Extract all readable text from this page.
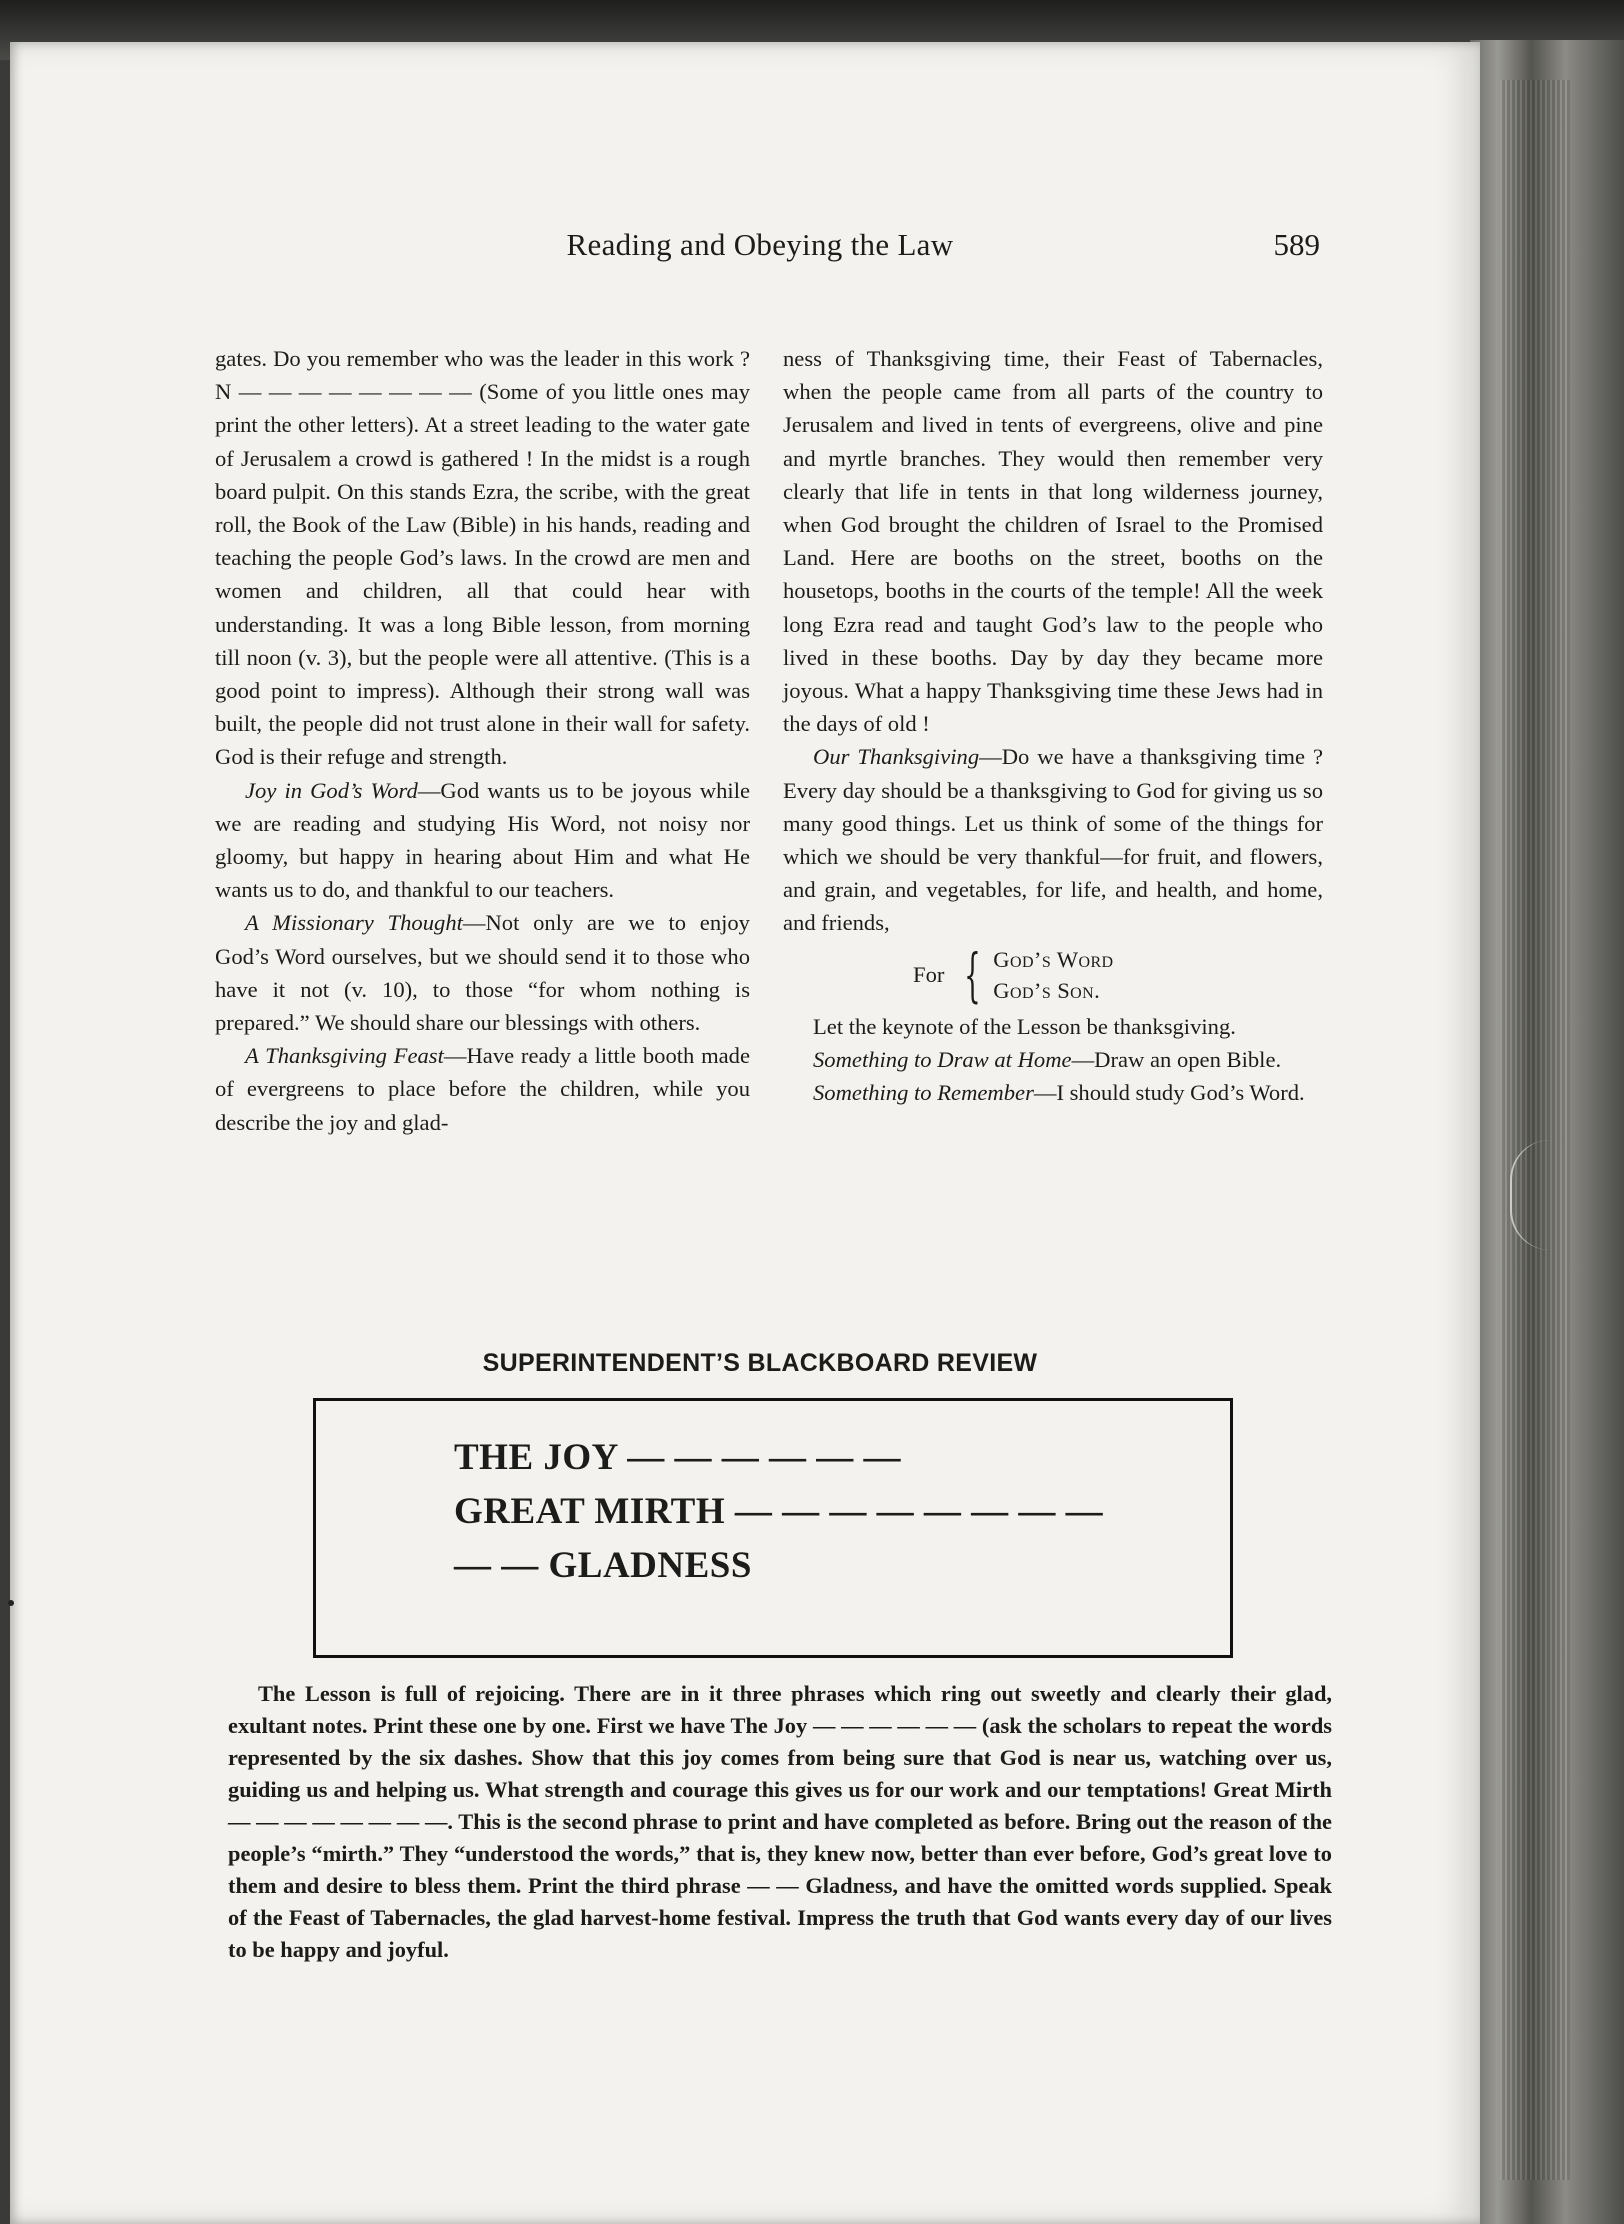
Reading and Obeying the Law	589

gates. Do you remember who was the leader in this work ? N — — — — — — — — (Some of you little ones may print the other letters). At a street leading to the water gate of Jerusalem a crowd is gathered ! In the midst is a rough board pulpit. On this stands Ezra, the scribe, with the great roll, the Book of the Law (Bible) in his hands, reading and teaching the people God’s laws. In the crowd are men and women and children, all that could hear with understanding. It was a long Bible lesson, from morning till noon (v. 3), but the people were all attentive. (This is a good point to impress). Although their strong wall was built, the people did not trust alone in their wall for safety. God is their refuge and strength.

Joy in God’s Word—God wants us to be joyous while we are reading and studying His Word, not noisy nor gloomy, but happy in hearing about Him and what He wants us to do, and thankful to our teachers.

A Missionary Thought—Not only are we to enjoy God’s Word ourselves, but we should send it to those who have it not (v. 10), to those “for whom nothing is prepared.” We should share our blessings with others.

A Thanksgiving Feast—Have ready a little booth made of evergreens to place before the children, while you describe the joy and glad-

ness of Thanksgiving time, their Feast of Tabernacles, when the people came from all parts of the country to Jerusalem and lived in tents of evergreens, olive and pine and myrtle branches. They would then remember very clearly that life in tents in that long wilderness journey, when God brought the children of Israel to the Promised Land. Here are booths on the street, booths on the housetops, booths in the courts of the temple! All the week long Ezra read and taught God’s law to the people who lived in these booths. Day by day they became more joyous. What a happy Thanksgiving time these Jews had in the days of old !

Our Thanksgiving—Do we have a thanksgiving time ? Every day should be a thanksgiving to God for giving us so many good things. Let us think of some of the things for which we should be very thankful—for fruit, and flowers, and grain, and vegetables, for life, and health, and home, and friends,

For { God’s Word
God’s Son.

Let the keynote of the Lesson be thanksgiving.

Something to Draw at Home—Draw an open Bible.

Something to Remember—I should study God’s Word.

SUPERINTENDENT’S BLACKBOARD REVIEW
THE JOY — — — — — —
GREAT MIRTH — — — — — — — —
— — GLADNESS

The Lesson is full of rejoicing. There are in it three phrases which ring out sweetly and clearly their glad, exultant notes. Print these one by one. First we have The Joy — — — — — — (ask the scholars to repeat the words represented by the six dashes. Show that this joy comes from being sure that God is near us, watching over us, guiding us and helping us. What strength and courage this gives us for our work and our temptations! Great Mirth — — — — — — — —. This is the second phrase to print and have completed as before. Bring out the reason of the people’s “mirth.” They “understood the words,” that is, they knew now, better than ever before, God’s great love to them and desire to bless them. Print the third phrase — — Gladness, and have the omitted words supplied. Speak of the Feast of Tabernacles, the glad harvest-home festival. Impress the truth that God wants every day of our lives to be happy and joyful.
